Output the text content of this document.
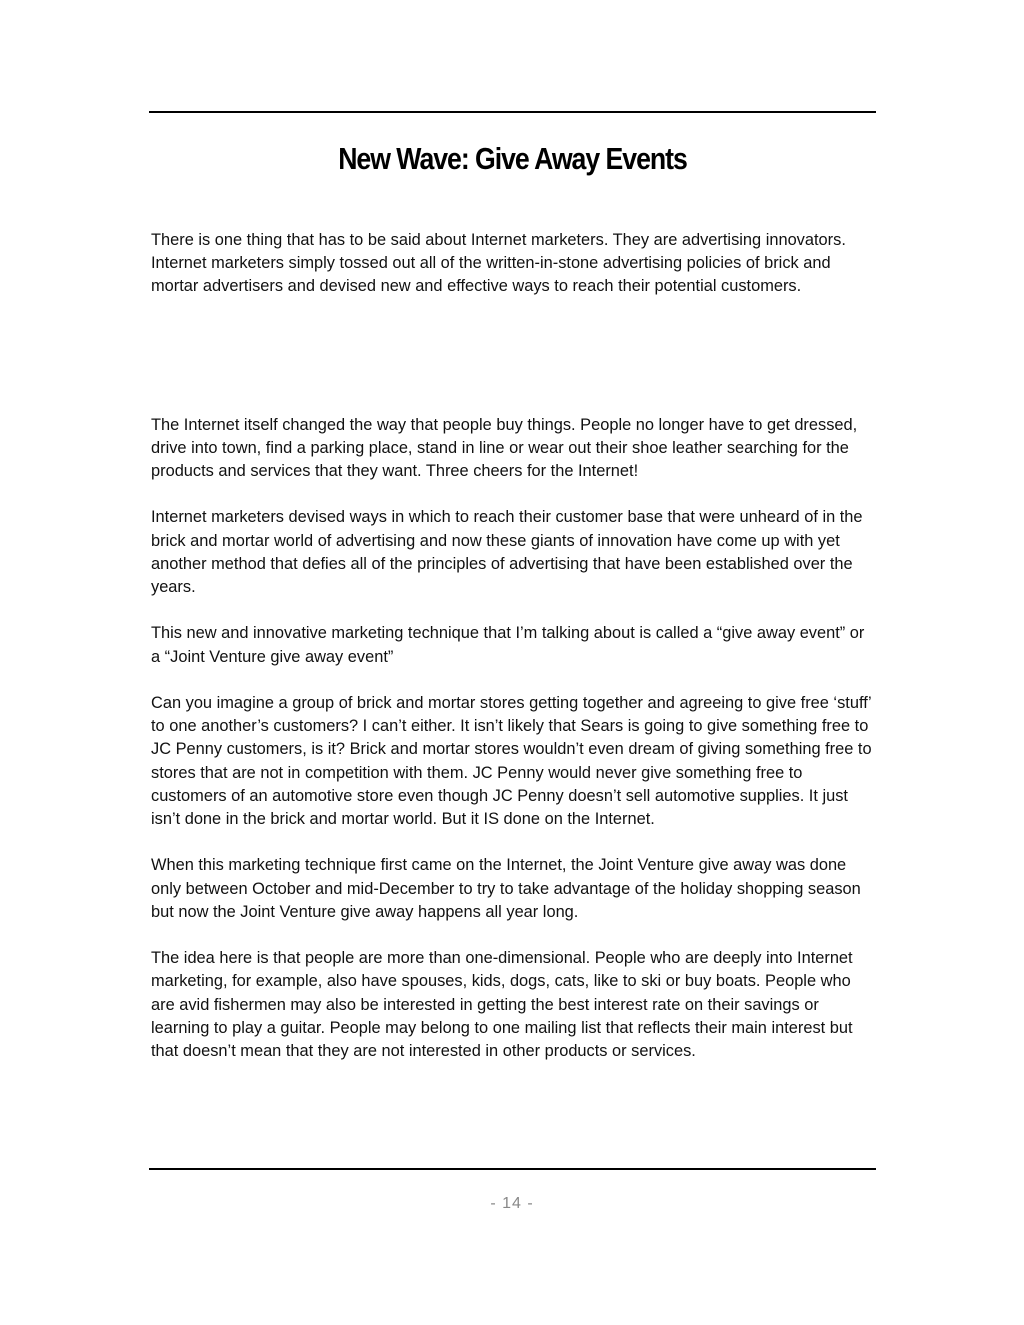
New Wave: Give Away Events

There is one thing that has to be said about Internet marketers. They are advertising innovators. Internet marketers simply tossed out all of the written-in-stone advertising policies of brick and mortar advertisers and devised new and effective ways to reach their potential customers.

The Internet itself changed the way that people buy things. People no longer have to get dressed, drive into town, find a parking place, stand in line or wear out their shoe leather searching for the products and services that they want. Three cheers for the Internet!

Internet marketers devised ways in which to reach their customer base that were unheard of in the brick and mortar world of advertising and now these giants of innovation have come up with yet another method that defies all of the principles of advertising that have been established over the years.

This new and innovative marketing technique that I’m talking about is called a “give away event” or a “Joint Venture give away event”

Can you imagine a group of brick and mortar stores getting together and agreeing to give free ‘stuff’ to one another’s customers? I can’t either. It isn’t likely that Sears is going to give something free to JC Penny customers, is it? Brick and mortar stores wouldn’t even dream of giving something free to stores that are not in competition with them. JC Penny would never give something free to customers of an automotive store even though JC Penny doesn’t sell automotive supplies. It just isn’t done in the brick and mortar world. But it IS done on the Internet.

When this marketing technique first came on the Internet, the Joint Venture give away was done only between October and mid-December to try to take advantage of the holiday shopping season but now the Joint Venture give away happens all year long.

The idea here is that people are more than one-dimensional. People who are deeply into Internet marketing, for example, also have spouses, kids, dogs, cats, like to ski or buy boats. People who are avid fishermen may also be interested in getting the best interest rate on their savings or learning to play a guitar. People may belong to one mailing list that reflects their main interest but that doesn’t mean that they are not interested in other products or services.

- 14 -
